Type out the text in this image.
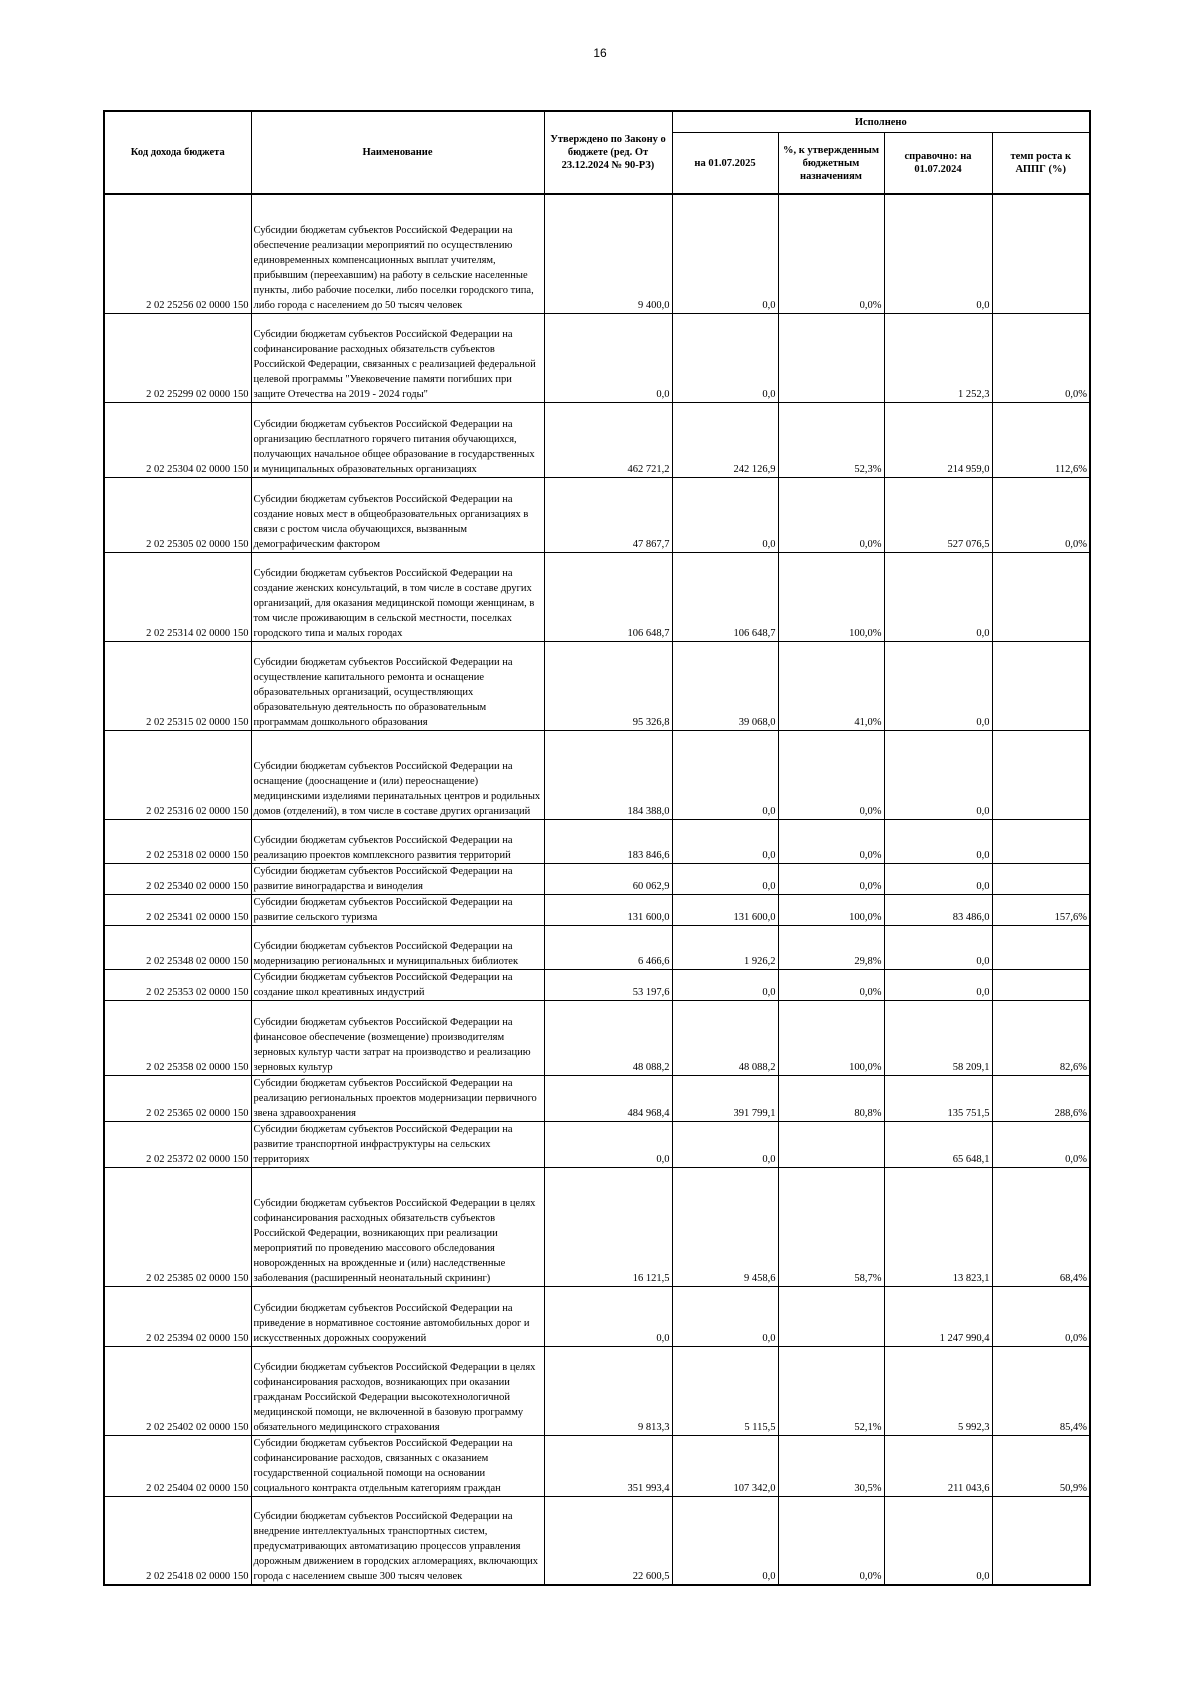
16
Код дохода бюджета	Наименование	Утверждено по Закону о бюджете (ред. От 23.12.2024 № 90-РЗ)	Исполнено			
			на 01.07.2025	%, к утвержденным бюджетным назначениям	справочно: на 01.07.2024	темп роста к АППГ (%)
2 02 25256 02 0000 150	Субсидии бюджетам субъектов Российской Федерации на обеспечение реализации мероприятий по осуществлению единовременных компенсационных выплат учителям, прибывшим (переехавшим) на работу в сельские населенные пункты, либо рабочие поселки, либо поселки городского типа, либо города с населением до 50 тысяч человек	9 400,0	0,0	0,0%	0,0	
2 02 25299 02 0000 150	Субсидии бюджетам субъектов Российской Федерации на софинансирование расходных обязательств субъектов Российской Федерации, связанных с реализацией федеральной целевой программы "Увековечение памяти погибших при защите Отечества на 2019 - 2024 годы"	0,0	0,0		1 252,3	0,0%
2 02 25304 02 0000 150	Субсидии бюджетам субъектов Российской Федерации на организацию бесплатного горячего питания обучающихся, получающих начальное общее образование в государственных и муниципальных образовательных организациях	462 721,2	242 126,9	52,3%	214 959,0	112,6%
2 02 25305 02 0000 150	Субсидии бюджетам субъектов Российской Федерации на создание новых мест в общеобразовательных организациях в связи с ростом числа обучающихся, вызванным демографическим фактором	47 867,7	0,0	0,0%	527 076,5	0,0%
2 02 25314 02 0000 150	Субсидии бюджетам субъектов Российской Федерации на создание женских консультаций, в том числе в составе других организаций, для оказания медицинской помощи женщинам, в том числе проживающим в сельской местности, поселках городского типа и малых городах	106 648,7	106 648,7	100,0%	0,0	
2 02 25315 02 0000 150	Субсидии бюджетам субъектов Российской Федерации на осуществление капитального ремонта и оснащение образовательных организаций, осуществляющих образовательную деятельность по образовательным программам дошкольного образования	95 326,8	39 068,0	41,0%	0,0	
2 02 25316 02 0000 150	Субсидии бюджетам субъектов Российской Федерации на оснащение (дооснащение и (или) переоснащение) медицинскими изделиями перинатальных центров и родильных домов (отделений), в том числе в составе других организаций	184 388,0	0,0	0,0%	0,0	
2 02 25318 02 0000 150	Субсидии бюджетам субъектов Российской Федерации на реализацию проектов комплексного развития территорий	183 846,6	0,0	0,0%	0,0	
2 02 25340 02 0000 150	Субсидии бюджетам субъектов Российской Федерации на развитие виноградарства и виноделия	60 062,9	0,0	0,0%	0,0	
2 02 25341 02 0000 150	Субсидии бюджетам субъектов Российской Федерации на развитие сельского туризма	131 600,0	131 600,0	100,0%	83 486,0	157,6%
2 02 25348 02 0000 150	Субсидии бюджетам субъектов Российской Федерации на модернизацию региональных и муниципальных библиотек	6 466,6	1 926,2	29,8%	0,0	
2 02 25353 02 0000 150	Субсидии бюджетам субъектов Российской Федерации на создание школ креативных индустрий	53 197,6	0,0	0,0%	0,0	
2 02 25358 02 0000 150	Субсидии бюджетам субъектов Российской Федерации на финансовое обеспечение (возмещение) производителям зерновых культур части затрат на производство и реализацию зерновых культур	48 088,2	48 088,2	100,0%	58 209,1	82,6%
2 02 25365 02 0000 150	Субсидии бюджетам субъектов Российской Федерации на реализацию региональных проектов модернизации первичного звена здравоохранения	484 968,4	391 799,1	80,8%	135 751,5	288,6%
2 02 25372 02 0000 150	Субсидии бюджетам субъектов Российской Федерации на развитие транспортной инфраструктуры на сельских территориях	0,0	0,0		65 648,1	0,0%
2 02 25385 02 0000 150	Субсидии бюджетам субъектов Российской Федерации в целях софинансирования расходных обязательств субъектов Российской Федерации, возникающих при реализации мероприятий по проведению массового обследования новорожденных на врожденные и (или) наследственные заболевания (расширенный неонатальный скрининг)	16 121,5	9 458,6	58,7%	13 823,1	68,4%
2 02 25394 02 0000 150	Субсидии бюджетам субъектов Российской Федерации на приведение в нормативное состояние автомобильных дорог и искусственных дорожных сооружений	0,0	0,0		1 247 990,4	0,0%
2 02 25402 02 0000 150	Субсидии бюджетам субъектов Российской Федерации в целях софинансирования расходов, возникающих при оказании гражданам Российской Федерации высокотехнологичной медицинской помощи, не включенной в базовую программу обязательного медицинского страхования	9 813,3	5 115,5	52,1%	5 992,3	85,4%
2 02 25404 02 0000 150	Субсидии бюджетам субъектов Российской Федерации на софинансирование расходов, связанных с оказанием государственной социальной помощи на основании социального контракта отдельным категориям граждан	351 993,4	107 342,0	30,5%	211 043,6	50,9%
2 02 25418 02 0000 150	Субсидии бюджетам субъектов Российской Федерации на внедрение интеллектуальных транспортных систем, предусматривающих автоматизацию процессов управления дорожным движением в городских агломерациях, включающих города с населением свыше 300 тысяч человек	22 600,5	0,0	0,0%	0,0	
